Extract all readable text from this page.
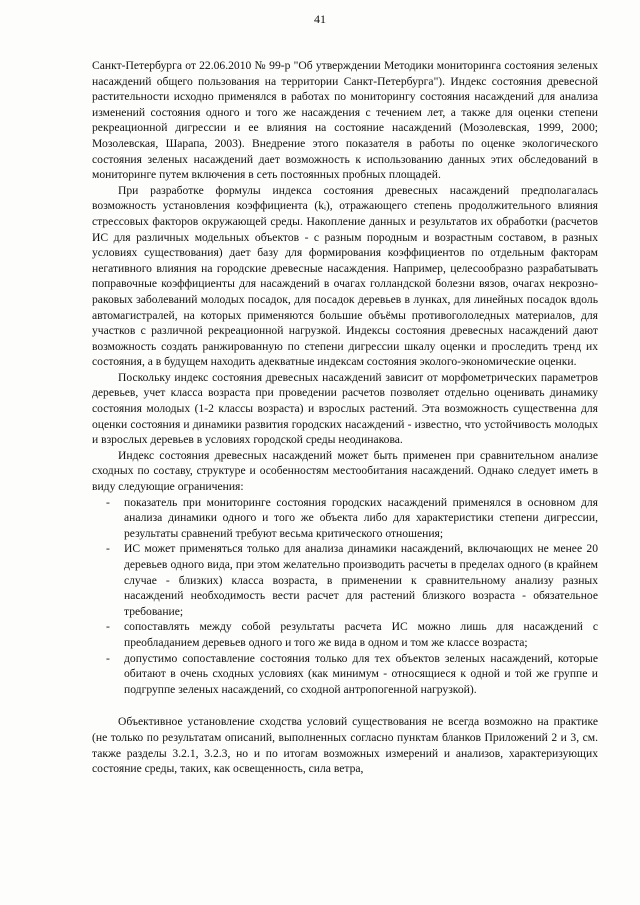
41

Санкт-Петербурга от 22.06.2010 № 99-р "Об утверждении Методики мониторинга состояния зеленых насаждений общего пользования на территории Санкт-Петербурга"). Индекс состояния древесной растительности исходно применялся в работах по мониторингу состояния насаждений для анализа изменений состояния одного и того же насаждения с течением лет, а также для оценки степени рекреационной дигрессии и ее влияния на состояние насаждений (Мозолевская, 1999, 2000; Мозолевская, Шарапа, 2003). Внедрение этого показателя в работы по оценке экологического состояния зеленых насаждений дает возможность к использованию данных этих обследований в мониторинге путем включения в сеть постоянных пробных площадей.

При разработке формулы индекса состояния древесных насаждений предполагалась возможность установления коэффициента (kᵢ), отражающего степень продолжительного влияния стрессовых факторов окружающей среды. Накопление данных и результатов их обработки (расчетов ИС для различных модельных объектов - с разным породным и возрастным составом, в разных условиях существования) дает базу для формирования коэффициентов по отдельным факторам негативного влияния на городские древесные насаждения. Например, целесообразно разрабатывать поправочные коэффициенты для насаждений в очагах голландской болезни вязов, очагах некрозно-раковых заболеваний молодых посадок, для посадок деревьев в лунках, для линейных посадок вдоль автомагистралей, на которых применяются большие объёмы противогололедных материалов, для участков с различной рекреационной нагрузкой. Индексы состояния древесных насаждений дают возможность создать ранжированную по степени дигрессии шкалу оценки и проследить тренд их состояния, а в будущем находить адекватные индексам состояния эколого-экономические оценки.

Поскольку индекс состояния древесных насаждений зависит от морфометрических параметров деревьев, учет класса возраста при проведении расчетов позволяет отдельно оценивать динамику состояния молодых (1-2 классы возраста) и взрослых растений. Эта возможность существенна для оценки состояния и динамики развития городских насаждений - известно, что устойчивость молодых и взрослых деревьев в условиях городской среды неодинакова.

Индекс состояния древесных насаждений может быть применен при сравнительном анализе сходных по составу, структуре и особенностям местообитания насаждений. Однако следует иметь в виду следующие ограничения:

- показатель при мониторинге состояния городских насаждений применялся в основном для анализа динамики одного и того же объекта либо для характеристики степени дигрессии, результаты сравнений требуют весьма критического отношения;
- ИС может применяться только для анализа динамики насаждений, включающих не менее 20 деревьев одного вида, при этом желательно производить расчеты в пределах одного (в крайнем случае - близких) класса возраста, в применении к сравнительному анализу разных насаждений необходимость вести расчет для растений близкого возраста - обязательное требование;
- сопоставлять между собой результаты расчета ИС можно лишь для насаждений с преобладанием деревьев одного и того же вида в одном и том же классе возраста;
- допустимо сопоставление состояния только для тех объектов зеленых насаждений, которые обитают в очень сходных условиях (как минимум - относящиеся к одной и той же группе и подгруппе зеленых насаждений, со сходной антропогенной нагрузкой).

Объективное установление сходства условий существования не всегда возможно на практике (не только по результатам описаний, выполненных согласно пунктам бланков Приложений 2 и 3, см. также разделы 3.2.1, 3.2.3, но и по итогам возможных измерений и анализов, характеризующих состояние среды, таких, как освещенность, сила ветра,
